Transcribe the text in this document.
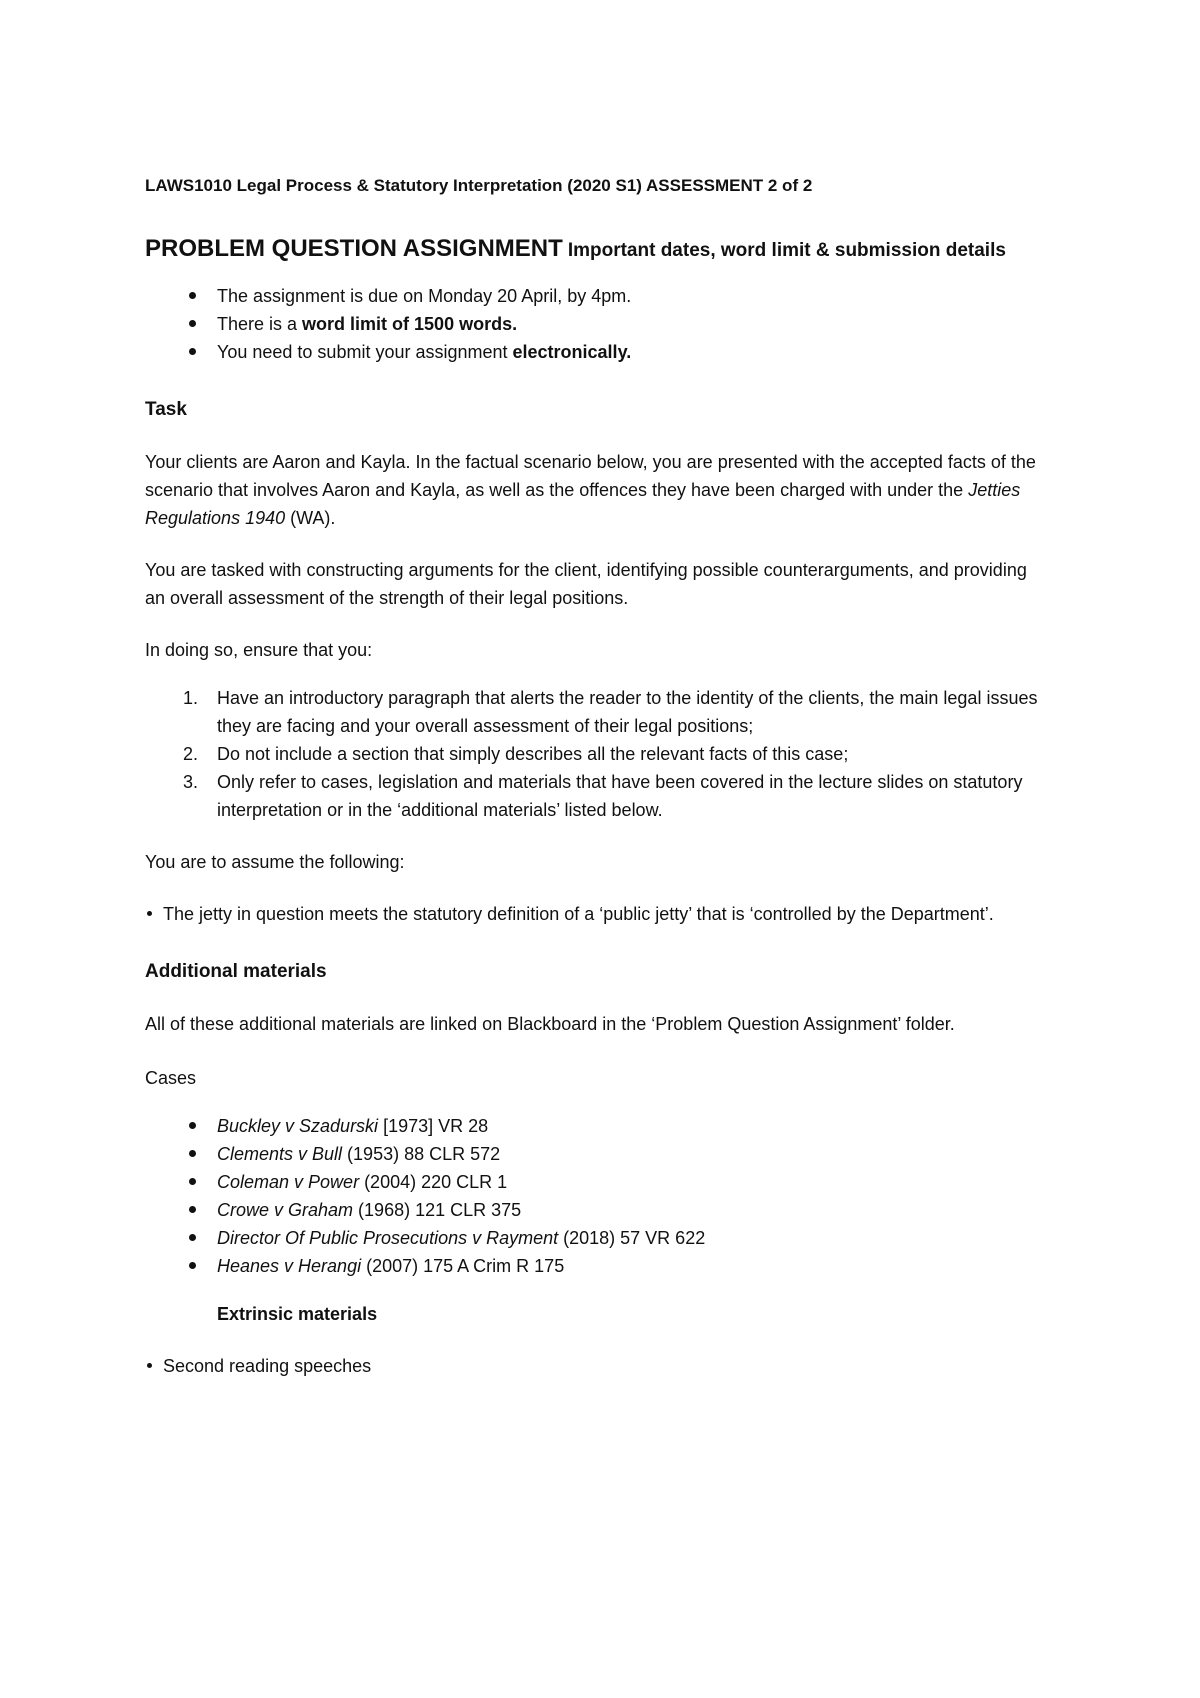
LAWS1010 Legal Process & Statutory Interpretation (2020 S1) ASSESSMENT 2 of 2

PROBLEM QUESTION ASSIGNMENT Important dates, word limit & submission details

The assignment is due on Monday 20 April, by 4pm.
There is a word limit of 1500 words.
You need to submit your assignment electronically.

Task

Your clients are Aaron and Kayla. In the factual scenario below, you are presented with the accepted facts of the scenario that involves Aaron and Kayla, as well as the offences they have been charged with under the Jetties Regulations 1940 (WA).

You are tasked with constructing arguments for the client, identifying possible counterarguments, and providing an overall assessment of the strength of their legal positions.

In doing so, ensure that you:

1. Have an introductory paragraph that alerts the reader to the identity of the clients, the main legal issues they are facing and your overall assessment of their legal positions;
2. Do not include a section that simply describes all the relevant facts of this case;
3. Only refer to cases, legislation and materials that have been covered in the lecture slides on statutory interpretation or in the ‘additional materials’ listed below.

You are to assume the following:

The jetty in question meets the statutory definition of a ‘public jetty’ that is ‘controlled by the Department’.

Additional materials

All of these additional materials are linked on Blackboard in the ‘Problem Question Assignment’ folder.

Cases

Buckley v Szadurski [1973] VR 28
Clements v Bull (1953) 88 CLR 572
Coleman v Power (2004) 220 CLR 1
Crowe v Graham (1968) 121 CLR 375
Director Of Public Prosecutions v Rayment (2018) 57 VR 622
Heanes v Herangi (2007) 175 A Crim R 175

Extrinsic materials

Second reading speeches
